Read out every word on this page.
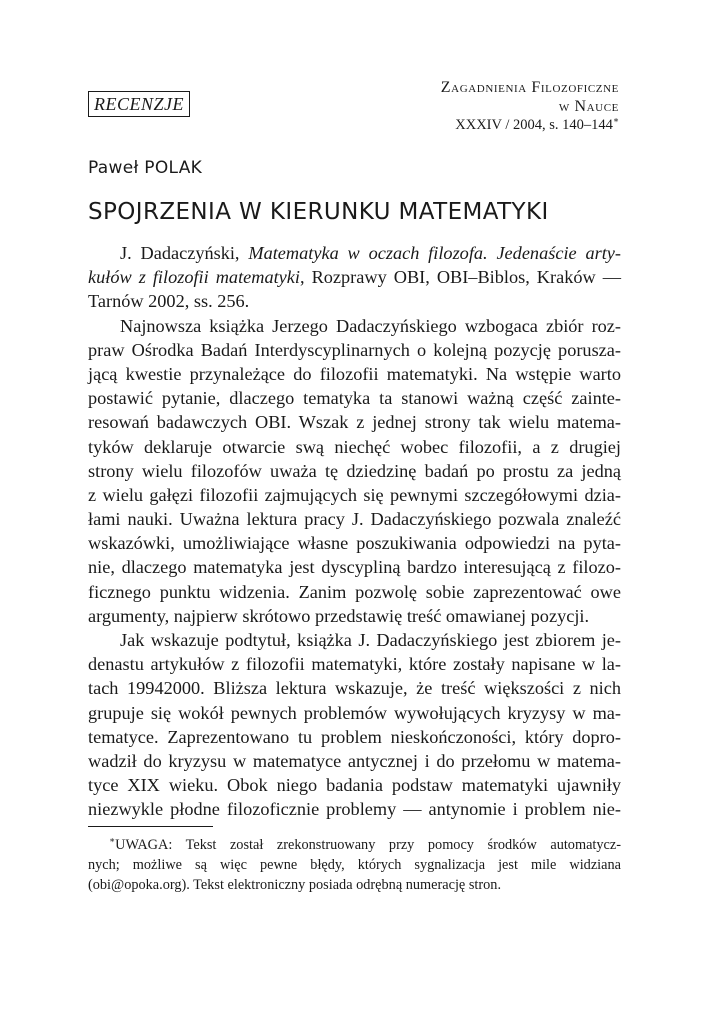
RECENZJE
Zagadnienia Filozoficzne
w Nauce
XXXIV / 2004, s. 140–144∗
Paweł POLAK
SPOJRZENIA W KIERUNKU MATEMATYKI
J. Dadaczyński, Matematyka w oczach filozofa. Jedenaście arty-
kułów z filozofii matematyki, Rozprawy OBI, OBI–Biblos, Kraków —
Tarnów 2002, ss. 256.
Najnowsza książka Jerzego Dadaczyńskiego wzbogaca zbiór roz-
praw Ośrodka Badań Interdyscyplinarnych o kolejną pozycję porusza-
jącą kwestie przynależące do filozofii matematyki. Na wstępie warto
postawić pytanie, dlaczego tematyka ta stanowi ważną część zainte-
resowań badawczych OBI. Wszak z jednej strony tak wielu matema-
tyków deklaruje otwarcie swą niechęć wobec filozofii, a z drugiej
strony wielu filozofów uważa tę dziedzinę badań po prostu za jedną
z wielu gałęzi filozofii zajmujących się pewnymi szczegółowymi dzia-
łami nauki. Uważna lektura pracy J. Dadaczyńskiego pozwala znaleźć
wskazówki, umożliwiające własne poszukiwania odpowiedzi na pyta-
nie, dlaczego matematyka jest dyscypliną bardzo interesującą z filozo-
ficznego punktu widzenia. Zanim pozwolę sobie zaprezentować owe
argumenty, najpierw skrótowo przedstawię treść omawianej pozycji.
Jak wskazuje podtytuł, książka J. Dadaczyńskiego jest zbiorem je-
denastu artykułów z filozofii matematyki, które zostały napisane w la-
tach 19942000. Bliższa lektura wskazuje, że treść większości z nich
grupuje się wokół pewnych problemów wywołujących kryzysy w ma-
tematyce. Zaprezentowano tu problem nieskończoności, który dopro-
wadził do kryzysu w matematyce antycznej i do przełomu w matema-
tyce XIX wieku. Obok niego badania podstaw matematyki ujawniły
niezwykle płodne filozoficznie problemy — antynomie i problem nie-
∗UWAGA: Tekst został zrekonstruowany przy pomocy środków automatycz-
nych; możliwe są więc pewne błędy, których sygnalizacja jest mile widziana
(obi@opoka.org). Tekst elektroniczny posiada odrębną numerację stron.
